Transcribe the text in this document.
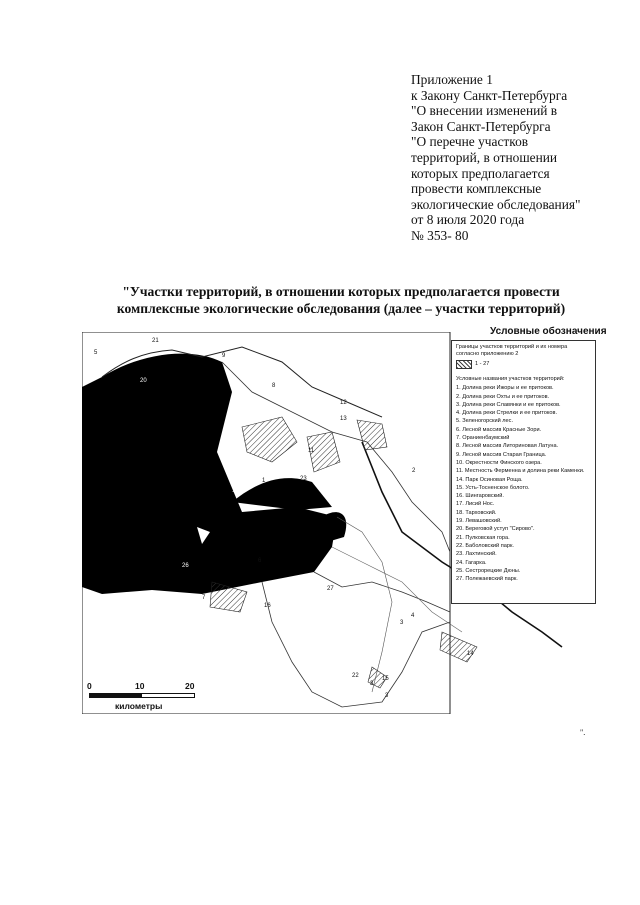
Приложение 1
к Закону Санкт-Петербурга
"О внесении изменений в
Закон Санкт-Петербурга
"О перечне участков
территорий, в отношении
которых предполагается
провести комплексные
экологические обследования"
от 8 июля 2020 года
№ 353- 80
"Участки территорий, в отношении которых предполагается провести
комплексные экологические обследования (далее – участки территорий)
5
21
9
20
8
12
13
18
19
25
24
10
11
1
17
23
2
6
7
26
27
16
4
3
14
22
3
3
15
Условные обозначения
Границы участков территорий и их номера согласно приложению 2
1 - 27
Условные названия участков территорий:
1. Долина реки Ижоры и ее притоков.
2. Долина реки Охты и ее притоков.
3. Долина реки Славянки и ее притоков.
4. Долина реки Стрелки и ее притоков.
5. Зеленогорский лес.
6. Лесной массив Красные Зори.
7. Ораниенбаумский
8. Лесной массив Литориновая Латуна.
9. Лесной массив Старая Граница.
10. Окрестности Финского озера.
11. Местность Ферменна и долина реки Каменки.
14. Парк Осиновая Роща.
15. Усть-Тосненское болото.
16. Шингаровский.
17. Лисий Нос.
18. Тарховский.
19. Левашовский.
20. Береговой уступ "Сирово".
21. Пулковская гора.
22. Баболовский парк.
23. Лахтинский.
24. Гагарка.
25. Сестрорецкие Дюны.
27. Полежаевский парк.
0	10	20
километры
".
